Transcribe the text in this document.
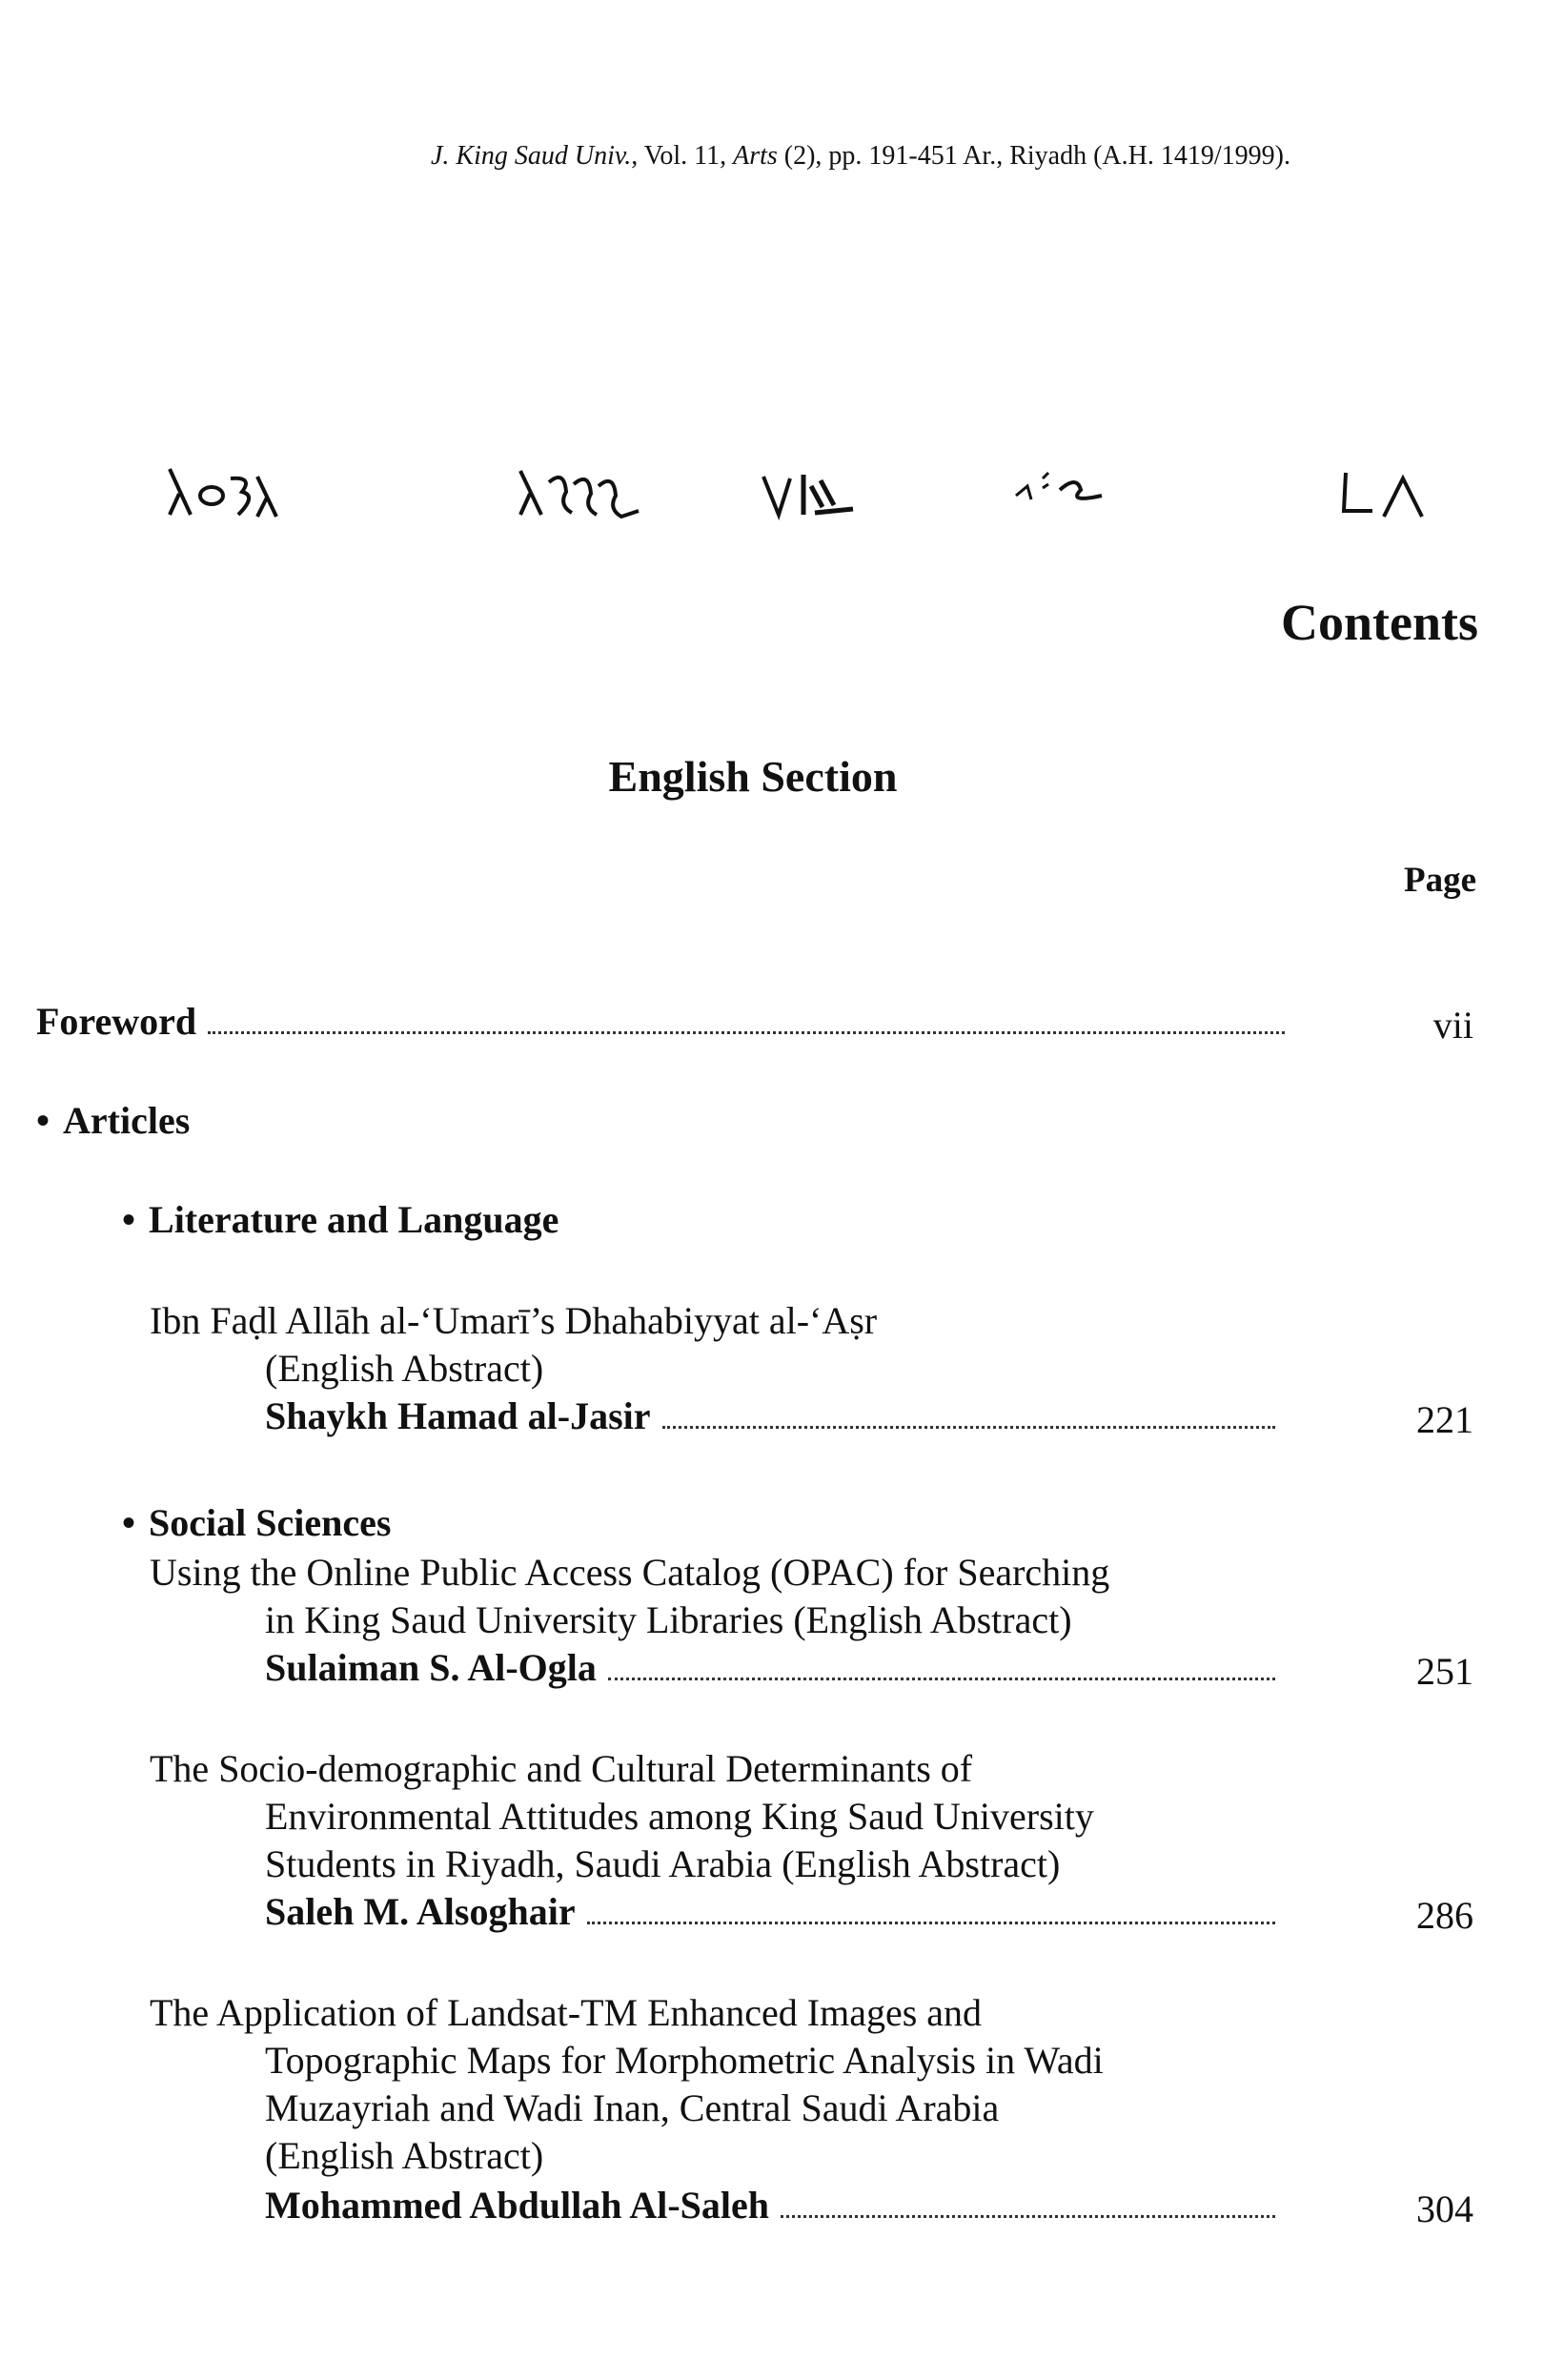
J. King Saud Univ., Vol. 11, Arts (2), pp. 191-451 Ar., Riyadh (A.H. 1419/1999).
Contents
English Section
Page
Foreword	vii
• Articles
• Literature and Language
Ibn Faḍl Allāh al-‘Umarī’s Dhahabiyyat al-‘Aṣr
(English Abstract)
Shaykh Hamad al-Jasir	221
• Social Sciences
Using the Online Public Access Catalog (OPAC) for Searching
in King Saud University Libraries (English Abstract)
Sulaiman S. Al-Ogla	251
The Socio-demographic and Cultural Determinants of
Environmental Attitudes among King Saud University
Students in Riyadh, Saudi Arabia (English Abstract)
Saleh M. Alsoghair	286
The Application of Landsat-TM Enhanced Images and
Topographic Maps for Morphometric Analysis in Wadi
Muzayriah and Wadi Inan, Central Saudi Arabia
(English Abstract)
Mohammed Abdullah Al-Saleh	304
